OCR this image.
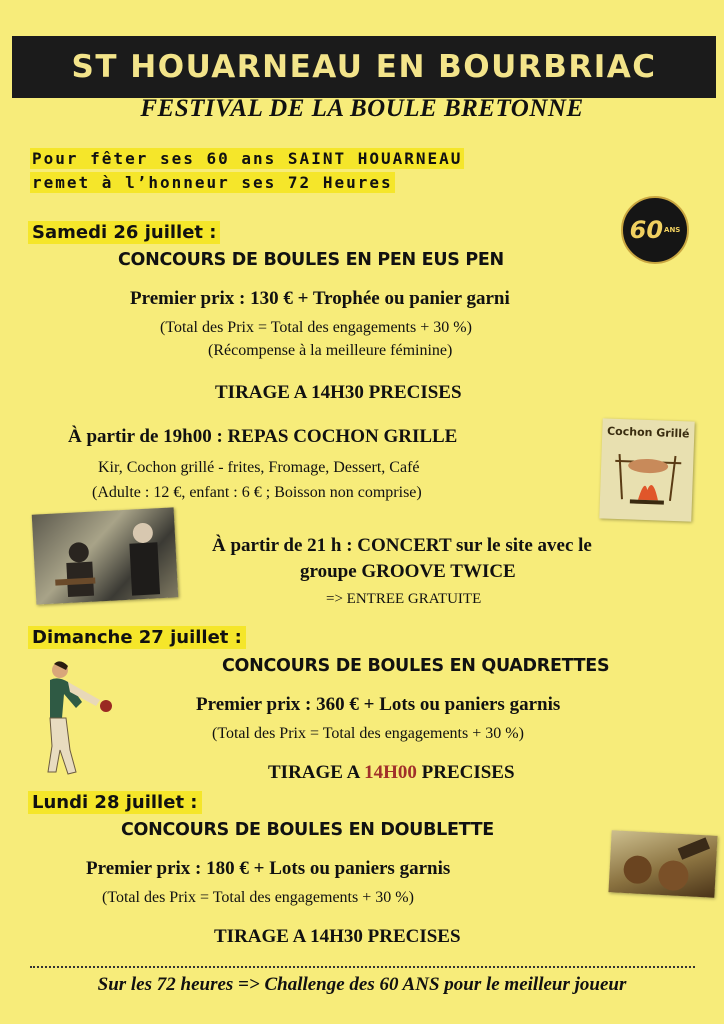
ST HOUARNEAU EN BOURBRIAC
FESTIVAL DE LA BOULE BRETONNE
Pour fêter ses 60 ans SAINT HOUARNEAU
remet à l’honneur ses 72 Heures
60 ANS
Samedi 26 juillet :
CONCOURS DE BOULES EN PEN EUS PEN
Premier prix : 130 € + Trophée ou panier garni
(Total des Prix = Total des engagements + 30 %)
(Récompense à la meilleure féminine)
TIRAGE A 14H30 PRECISES
À partir de 19h00 : REPAS COCHON GRILLE
Kir, Cochon grillé - frites, Fromage, Dessert, Café
(Adulte : 12 €, enfant : 6 € ; Boisson non comprise)
Cochon Grillé
À partir de 21 h : CONCERT sur le site avec le
groupe GROOVE TWICE
=> ENTREE GRATUITE
Dimanche 27 juillet :
CONCOURS DE BOULES EN QUADRETTES
Premier prix : 360 € + Lots ou paniers garnis
(Total des Prix = Total des engagements + 30 %)
TIRAGE A 14H00 PRECISES
Lundi 28 juillet :
CONCOURS DE BOULES EN DOUBLETTE
Premier prix : 180 € + Lots ou paniers garnis
(Total des Prix = Total des engagements + 30 %)
TIRAGE A 14H30 PRECISES
Sur les 72 heures => Challenge des 60 ANS pour le meilleur joueur
